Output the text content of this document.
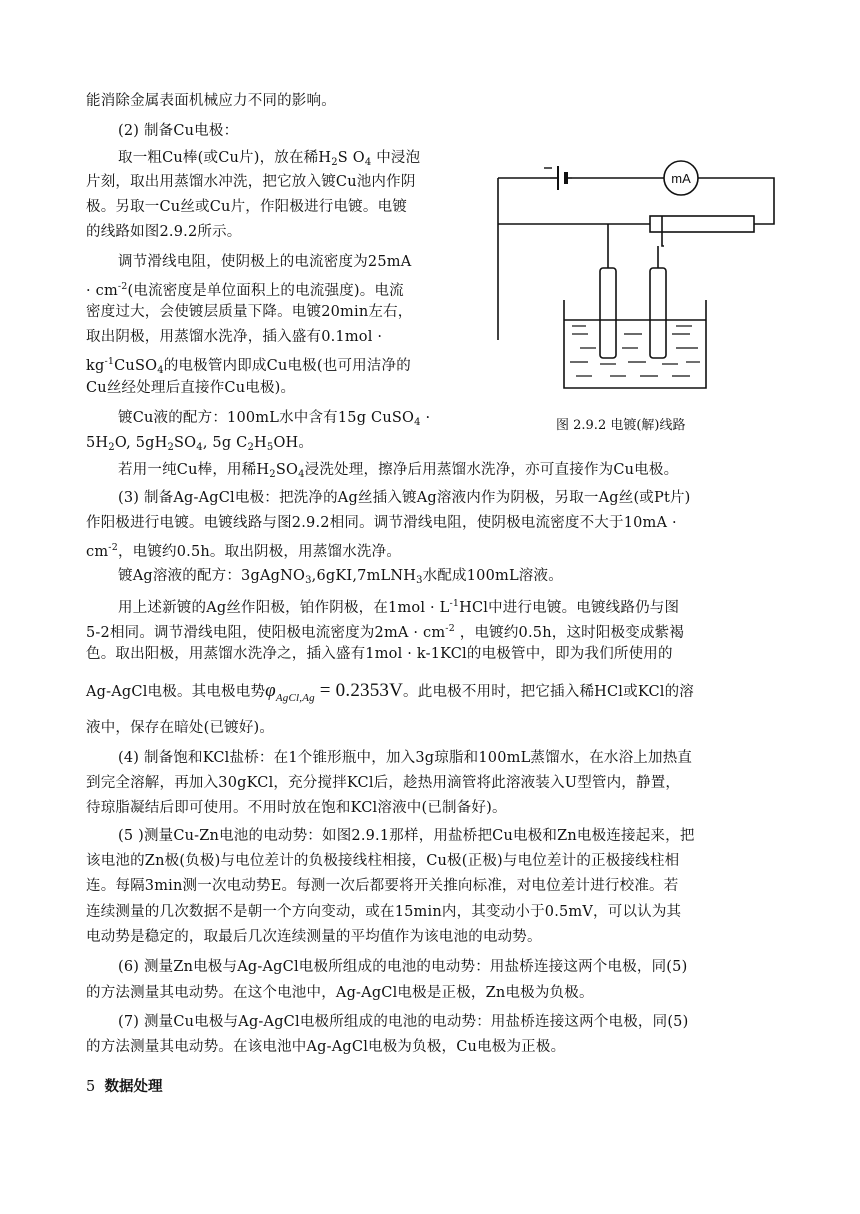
能消除金属表面机械应力不同的影响。
(2) 制备Cu电极：
取一粗Cu棒(或Cu片)，放在稀$H_2S$ $O_4$ 中浸泡
片刻，取出用蒸馏水冲洗，把它放入镀Cu池内作阴
极。另取一Cu丝或Cu片，作阳极进行电镀。电镀
的线路如图2.9.2所示。
调节滑线电阻，使阴极上的电流密度为25mA
· $cm^{-2}$(电流密度是单位面积上的电流强度)。电流
密度过大，会使镀层质量下降。电镀20min左右，
取出阴极，用蒸馏水洗净，插入盛有0.1mol ·
$kg^{-1}CuSO_4$的电极管内即成Cu电极(也可用洁净的
Cu丝经处理后直接作Cu电极)。
镀Cu液的配方：100mL水中含有15g CuSO$_4$ ·
$5H_2O$, $5gH_2SO_4$, 5g $C_2H_5OH$。
若用一纯Cu棒，用稀$H_2SO_4$浸洗处理，擦净后用蒸馏水洗净，亦可直接作为Cu电极。
(3) 制备Ag-AgCl电极：把洗净的Ag丝插入镀Ag溶液内作为阴极，另取一Ag丝(或Pt片)
作阳极进行电镀。电镀线路与图2.9.2相同。调节滑线电阻，使阴极电流密度不大于10mA ·
$cm^{-2}$，电镀约0.5h。取出阴极，用蒸馏水洗净。
镀Ag溶液的配方：3gAgNO$_3$,6gKI,7mLNH$_3$水配成100mL溶液。
用上述新镀的Ag丝作阳极，铂作阴极，在$1mol \cdot L^{-1}HCl$中进行电镀。电镀线路仍与图
5-2相同。调节滑线电阻，使阳极电流密度为$2mA \cdot cm^{-2}$ ，电镀约0.5h，这时阳极变成紫褐
色。取出阳极，用蒸馏水洗净之，插入盛有1mol · k-1KCl的电极管中，即为我们所使用的
Ag-AgCl电极。其电极电势$\varphi_{AgCl,Ag} = 0.2353V$。此电极不用时，把它插入稀HCl或KCl的溶
液中，保存在暗处(已镀好)。
(4) 制备饱和KCl盐桥：在1个锥形瓶中，加入3g琼脂和100mL蒸馏水，在水浴上加热直
到完全溶解，再加入30gKCl，充分搅拌KCl后，趁热用滴管将此溶液装入U型管内，静置，
待琼脂凝结后即可使用。不用时放在饱和KCl溶液中(已制备好)。
(5 )测量Cu-Zn电池的电动势：如图2.9.1那样，用盐桥把Cu电极和Zn电极连接起来，把
该电池的Zn极(负极)与电位差计的负极接线柱相接，Cu极(正极)与电位差计的正极接线柱相
连。每隔3min测一次电动势E。每测一次后都要将开关推向标准，对电位差计进行校准。若
连续测量的几次数据不是朝一个方向变动，或在15min内，其变动小于0.5mV，可以认为其
电动势是稳定的，取最后几次连续测量的平均值作为该电池的电动势。
(6) 测量Zn电极与Ag-AgCl电极所组成的电池的电动势：用盐桥连接这两个电极，同(5)
的方法测量其电动势。在这个电池中，Ag-AgCl电极是正极，Zn电极为负极。
(7) 测量Cu电极与Ag-AgCl电极所组成的电池的电动势：用盐桥连接这两个电极，同(5)
的方法测量其电动势。在该电池中Ag-AgCl电极为负极，Cu电极为正极。
5 数据处理
mA
图 2.9.2 电镀(解)线路
